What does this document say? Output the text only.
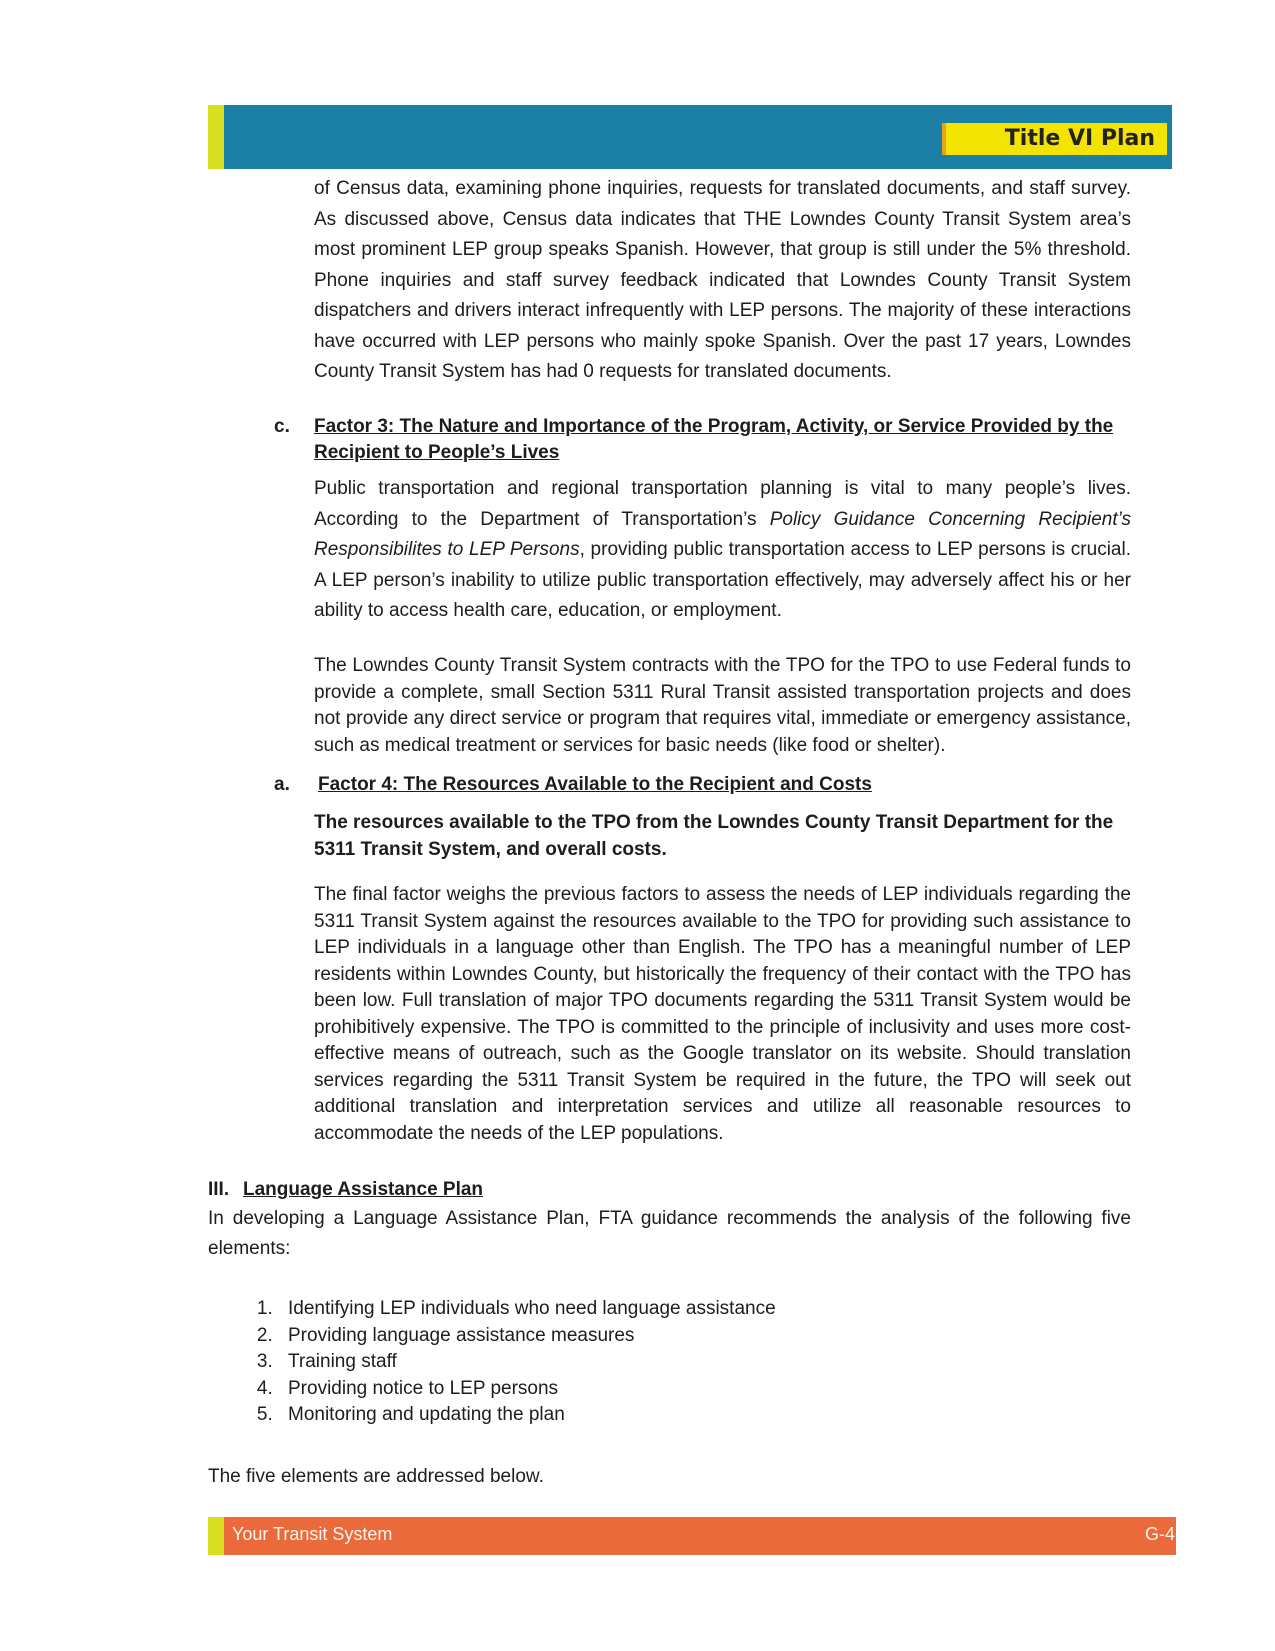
Title VI Plan

of Census data, examining phone inquiries, requests for translated documents, and staff survey. As discussed above, Census data indicates that THE Lowndes County Transit System area’s most prominent LEP group speaks Spanish. However, that group is still under the 5% threshold. Phone inquiries and staff survey feedback indicated that Lowndes County Transit System dispatchers and drivers interact infrequently with LEP persons. The majority of these interactions have occurred with LEP persons who mainly spoke Spanish. Over the past 17 years, Lowndes County Transit System has had 0 requests for translated documents.

c. Factor 3: The Nature and Importance of the Program, Activity, or Service Provided by the Recipient to People’s Lives

Public transportation and regional transportation planning is vital to many people’s lives. According to the Department of Transportation’s Policy Guidance Concerning Recipient’s Responsibilites to LEP Persons, providing public transportation access to LEP persons is crucial. A LEP person’s inability to utilize public transportation effectively, may adversely affect his or her ability to access health care, education, or employment.

The Lowndes County Transit System contracts with the TPO for the TPO to use Federal funds to provide a complete, small Section 5311 Rural Transit assisted transportation projects and does not provide any direct service or program that requires vital, immediate or emergency assistance, such as medical treatment or services for basic needs (like food or shelter).

a. Factor 4: The Resources Available to the Recipient and Costs

The resources available to the TPO from the Lowndes County Transit Department for the 5311 Transit System, and overall costs.

The final factor weighs the previous factors to assess the needs of LEP individuals regarding the 5311 Transit System against the resources available to the TPO for providing such assistance to LEP individuals in a language other than English. The TPO has a meaningful number of LEP residents within Lowndes County, but historically the frequency of their contact with the TPO has been low. Full translation of major TPO documents regarding the 5311 Transit System would be prohibitively expensive. The TPO is committed to the principle of inclusivity and uses more cost-effective means of outreach, such as the Google translator on its website. Should translation services regarding the 5311 Transit System be required in the future, the TPO will seek out additional translation and interpretation services and utilize all reasonable resources to accommodate the needs of the LEP populations.

III. Language Assistance Plan

In developing a Language Assistance Plan, FTA guidance recommends the analysis of the following five elements:

1. Identifying LEP individuals who need language assistance
2. Providing language assistance measures
3. Training staff
4. Providing notice to LEP persons
5. Monitoring and updating the plan

The five elements are addressed below.

Your Transit System	G-4
